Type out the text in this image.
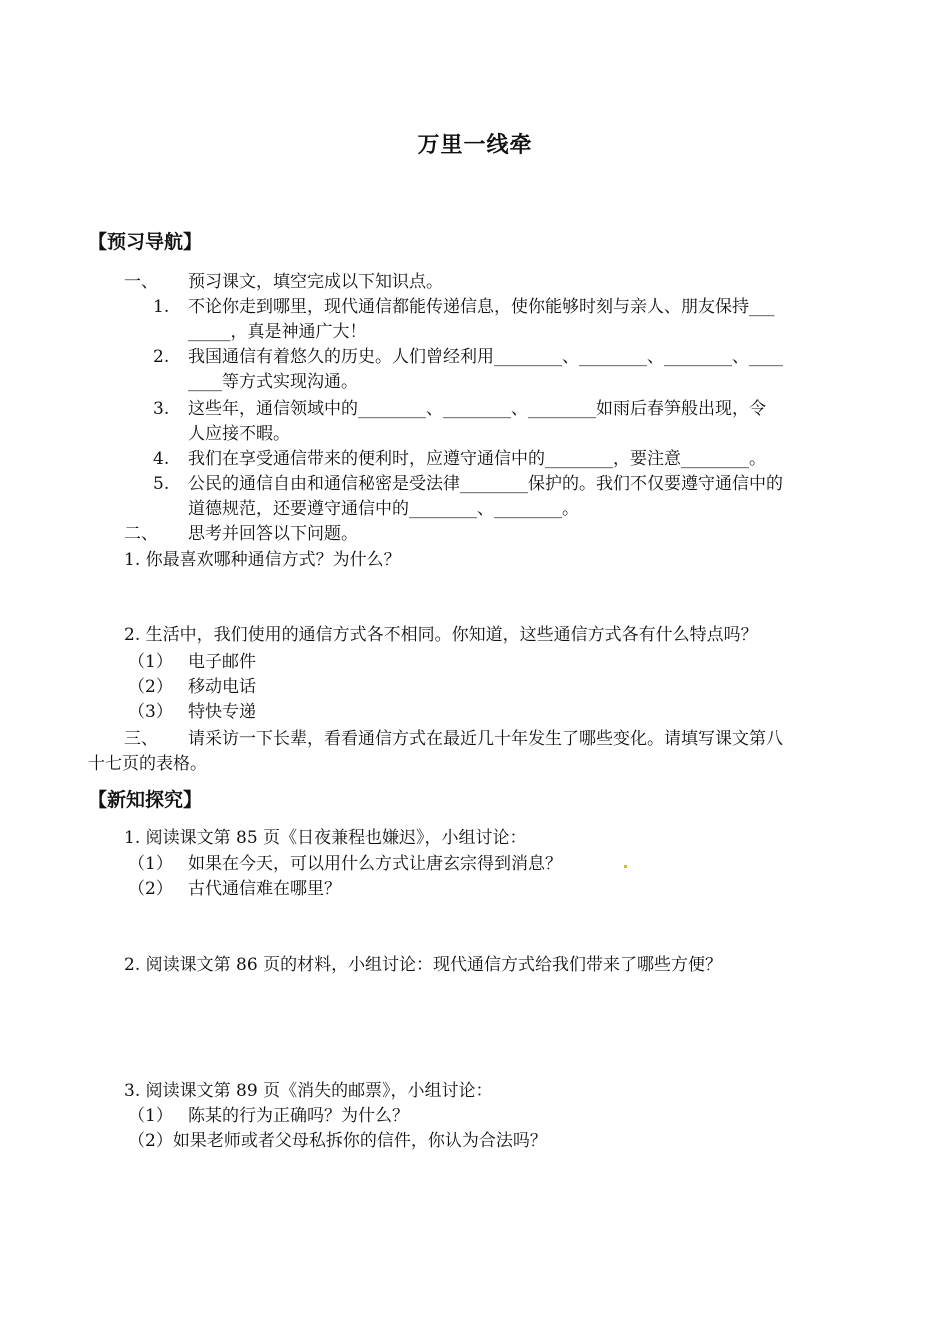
万里一线牵
【预习导航】
一、 预习课文，填空完成以下知识点。
1. 不论你走到哪里，现代通信都能传递信息，使你能够时刻与亲人、朋友保持___
_____，真是神通广大！
2. 我国通信有着悠久的历史。人们曾经利用________、________、________、____
____等方式实现沟通。
3. 这些年，通信领域中的________、________、________如雨后春笋般出现，令
人应接不暇。
4. 我们在享受通信带来的便利时，应遵守通信中的________，要注意________。
5. 公民的通信自由和通信秘密是受法律________保护的。我们不仅要遵守通信中的
道德规范，还要遵守通信中的________、________。
二、 思考并回答以下问题。
1. 你最喜欢哪种通信方式？为什么？
2. 生活中，我们使用的通信方式各不相同。你知道，这些通信方式各有什么特点吗？
（1） 电子邮件
（2） 移动电话
（3） 特快专递
三、 请采访一下长辈，看看通信方式在最近几十年发生了哪些变化。请填写课文第八
十七页的表格。
【新知探究】
1. 阅读课文第 85 页《日夜兼程也嫌迟》，小组讨论：
（1） 如果在今天，可以用什么方式让唐玄宗得到消息？
（2） 古代通信难在哪里？
2. 阅读课文第 86 页的材料，小组讨论：现代通信方式给我们带来了哪些方便？
3. 阅读课文第 89 页《消失的邮票》，小组讨论：
（1） 陈某的行为正确吗？为什么？
（2）如果老师或者父母私拆你的信件，你认为合法吗？
